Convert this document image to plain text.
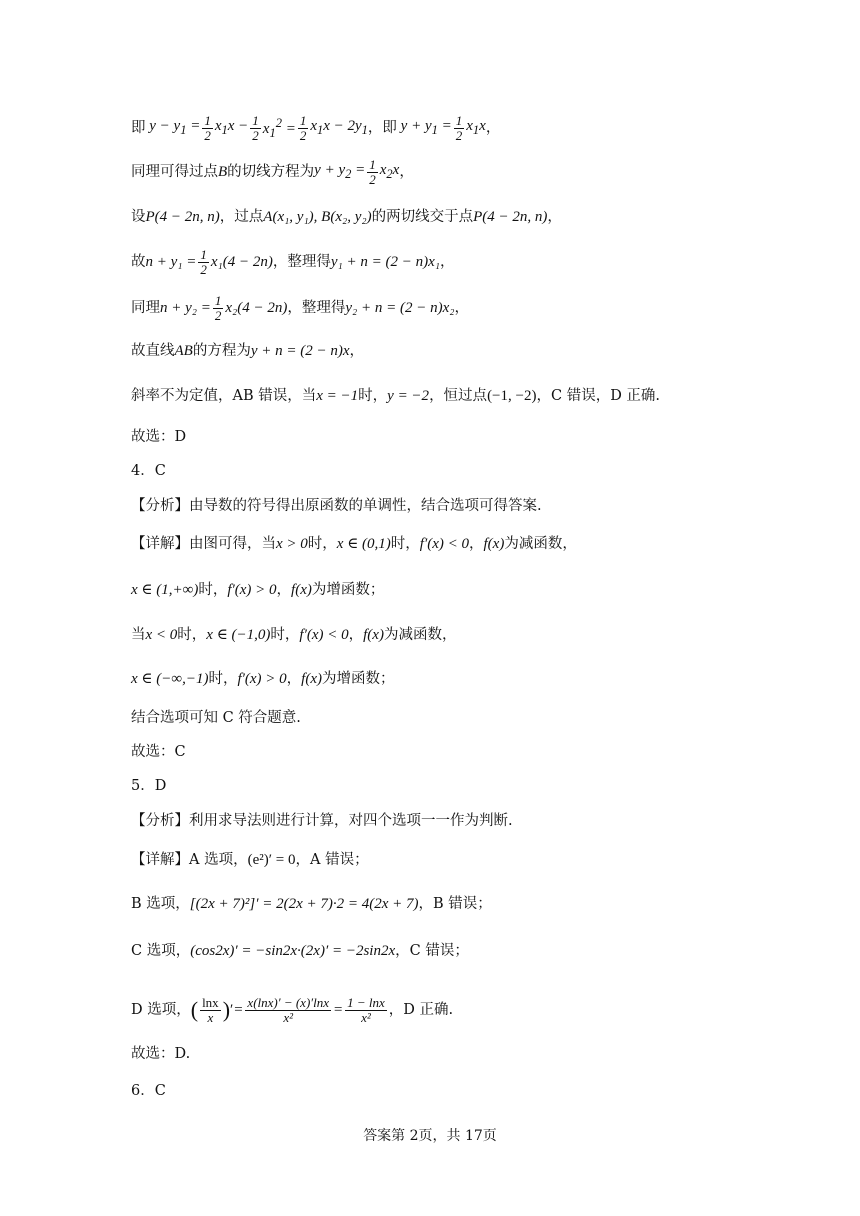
即 $y - y_1 = \frac{1}{2} x_1x - \frac{1}{2} x_1^2 = \frac{1}{2} x_1x - 2y_1$ ，即 $y + y_1 = \frac{1}{2} x_1x$ ，
同理可得过点 B 的切线方程为 $y + y_2 = \frac{1}{2} x_2x$ ，
设 P(4 − 2n, n) ，过点 A(x₁, y₁), B(x₂, y₂) 的两切线交于点 P(4 − 2n, n) ，
故 $n + y_1 = \frac{1}{2} x_1(4 - 2n)$ ，整理得 y₁ + n = (2 − n)x₁ ，
同理 $n + y_2 = \frac{1}{2} x_2(4 - 2n)$ ，整理得 y₂ + n = (2 − n)x₂ ，
故直线 AB 的方程为 y + n = (2 − n)x ，
斜率不为定值，AB 错误，当 x = −1 时， y = −2 ，恒过点 (−1, −2) ，C 错误，D 正确.
故选：D
4．C
【分析】 由导数的符号得出原函数的单调性，结合选项可得答案.
【详解】 由图可得，当 x > 0 时， x ∈ (0,1) 时， f′(x) < 0 ， f(x) 为减函数，
x ∈ (1,+∞) 时， f′(x) > 0 ， f(x) 为增函数；
当 x < 0 时， x ∈ (−1,0) 时， f′(x) < 0 ， f(x) 为减函数，
x ∈ (−∞,−1) 时， f′(x) > 0 ， f(x) 为增函数；
结合选项可知 C 符合题意.
故选：C
5．D
【分析】 利用求导法则进行计算，对四个选项一一作为判断.
【详解】 A 选项， (e²)′ = 0 ，A 错误；
B 选项， [(2x + 7)²]′ = 2(2x + 7)·2 = 4(2x + 7) ，B 错误；
C 选项， (cos2x)′ = −sin2x·(2x)′ = −2sin2x ，C 错误；
D 选项， ( $\frac{\ln x}{x}$ ) ′ = $\frac{x(\ln x)' - (x)'\ln x}{\text{x²}} = \frac{1 - \ln x}{\text{x²}}$ ，D 正确.
故选：D.
6．C
答案第 2页，共 17页
